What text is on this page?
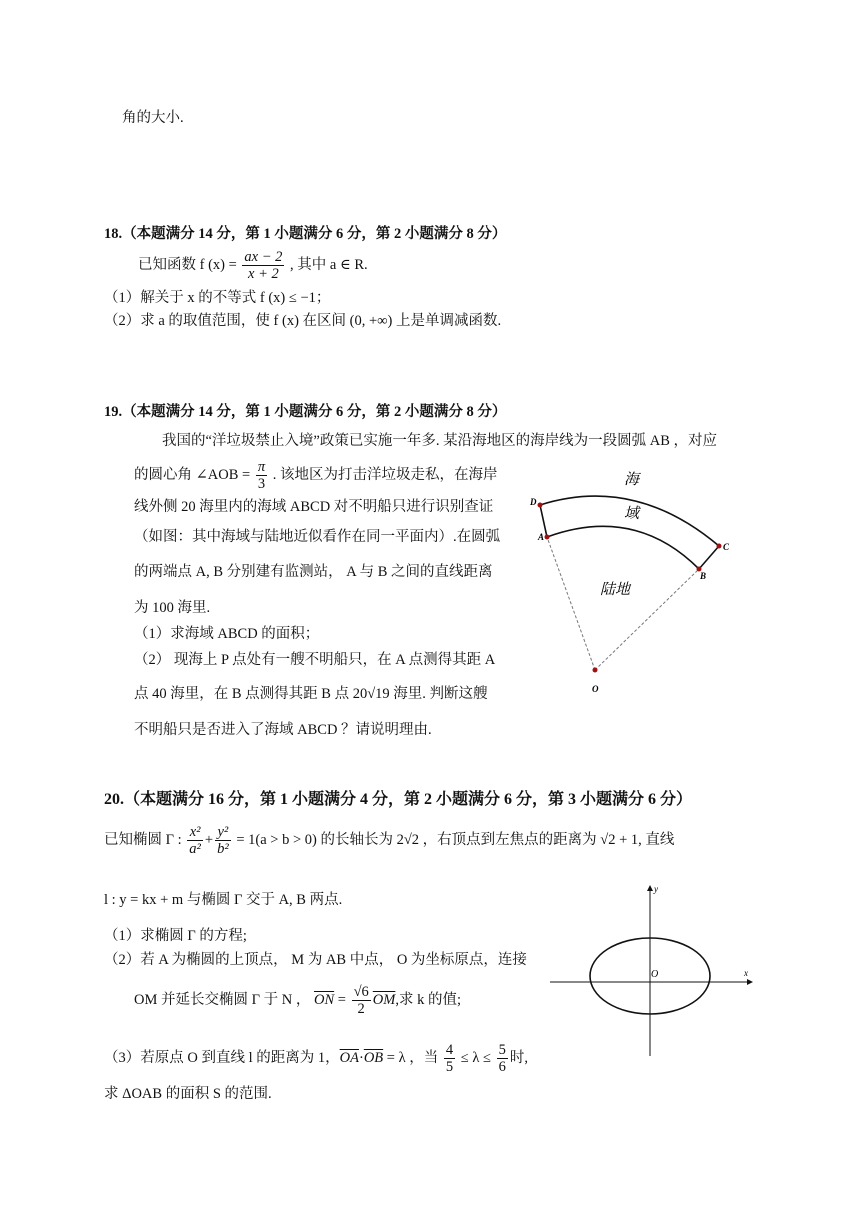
角的大小.
18.（本题满分 14 分，第 1 小题满分 6 分，第 2 小题满分 8 分）
已知函数 f $(x) = \frac{ax - 2}{x + 2}$ , 其中 a ∈ R.
（1）解关于 x 的不等式 f (x) ≤ −1；
（2）求 a 的取值范围，使 f (x) 在区间 (0, +∞) 上是单调减函数.
19.（本题满分 14 分，第 1 小题满分 6 分，第 2 小题满分 8 分）
我国的“洋垃圾禁止入境”政策已实施一年多. 某沿海地区的海岸线为一段圆弧 AB ，对应
的圆心角 ∠AOB = $\frac{\pi}{3}$ . 该地区为打击洋垃圾走私，在海岸
线外侧 20 海里内的海域 ABCD 对不明船只进行识别查证
（如图：其中海域与陆地近似看作在同一平面内）.在圆弧
的两端点 A, B 分别建有监测站， A 与 B 之间的直线距离
为 100 海里.
（1）求海域 ABCD 的面积；
（2） 现海上 P 点处有一艘不明船只，在 A 点测得其距 A
点 40 海里，在 B 点测得其距 B 点 20√19 海里. 判断这艘
不明船只是否进入了海域 ABCD ？请说明理由.
海
域
陆地
A
B
C
D
O
20.（本题满分 16 分，第 1 小题满分 4 分，第 2 小题满分 6 分，第 3 小题满分 6 分）
已知椭圆 Γ : $\frac{\text{x²}}{\text{a²}} + \frac{\text{y²}}{\text{b²}} = 1(a > b > 0)$ 的长轴长为 2√2 ，右顶点到左焦点的距离为 √2 + 1, 直线
l : y = kx + m 与椭圆 Γ 交于 A, B 两点.
（1）求椭圆 Γ 的方程;
（2）若 A 为椭圆的上顶点， M 为 AB 中点， O 为坐标原点，连接
OM 并延长交椭圆 Γ 于 N ， $\overline{ON} = \frac{√6}{2} \overline{OM}$,求 k 的值;
（3）若原点 O 到直线 l 的距离为 1，$\overline{OA}\cdot\overline{OB} = \lambda$ ，当 $\frac{4}{5} \le \lambda \le \frac{5}{6}$ 时,
求 ΔOAB 的面积 S 的范围.
x
y
O
